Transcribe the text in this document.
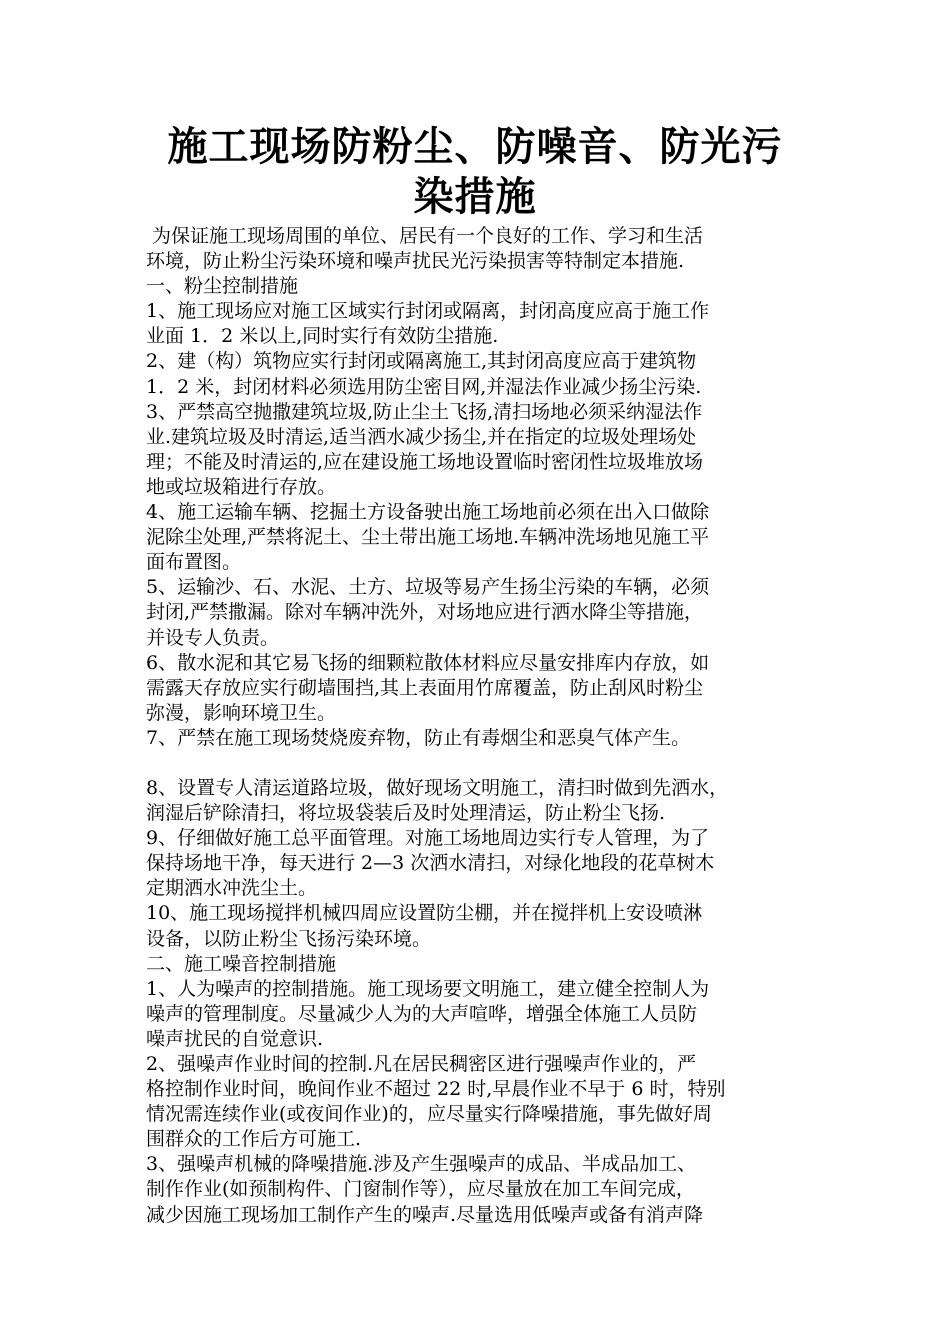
施工现场防粉尘、防噪音、防光污
染措施
为保证施工现场周围的单位、居民有一个良好的工作、学习和生活
环境，防止粉尘污染环境和噪声扰民光污染损害等特制定本措施.
一、粉尘控制措施
1、施工现场应对施工区域实行封闭或隔离，封闭高度应高于施工作
业面 1．2 米以上,同时实行有效防尘措施.
2、建（构）筑物应实行封闭或隔离施工,其封闭高度应高于建筑物
1．2 米，封闭材料必须选用防尘密目网,并湿法作业减少扬尘污染.
3、严禁高空抛撒建筑垃圾,防止尘土飞扬,清扫场地必须采纳湿法作
业.建筑垃圾及时清运,适当洒水减少扬尘,并在指定的垃圾处理场处
理；不能及时清运的,应在建设施工场地设置临时密闭性垃圾堆放场
地或垃圾箱进行存放。
4、施工运输车辆、挖掘土方设备驶出施工场地前必须在出入口做除
泥除尘处理,严禁将泥土、尘土带出施工场地.车辆冲洗场地见施工平
面布置图。
5、运输沙、石、水泥、土方、垃圾等易产生扬尘污染的车辆，必须
封闭,严禁撒漏。除对车辆冲洗外，对场地应进行洒水降尘等措施，
并设专人负责。
6、散水泥和其它易飞扬的细颗粒散体材料应尽量安排库内存放，如
需露天存放应实行砌墙围挡,其上表面用竹席覆盖，防止刮风时粉尘
弥漫，影响环境卫生。
7、严禁在施工现场焚烧废弃物，防止有毒烟尘和恶臭气体产生。
8、设置专人清运道路垃圾，做好现场文明施工，清扫时做到先洒水，
润湿后铲除清扫，将垃圾袋装后及时处理清运，防止粉尘飞扬.
9、仔细做好施工总平面管理。对施工场地周边实行专人管理，为了
保持场地干净，每天进行 2—3 次洒水清扫，对绿化地段的花草树木
定期洒水冲洗尘土。
10、施工现场搅拌机械四周应设置防尘棚，并在搅拌机上安设喷淋
设备，以防止粉尘飞扬污染环境。
二、施工噪音控制措施
1、人为噪声的控制措施。施工现场要文明施工，建立健全控制人为
噪声的管理制度。尽量减少人为的大声喧哗，增强全体施工人员防
噪声扰民的自觉意识.
2、强噪声作业时间的控制.凡在居民稠密区进行强噪声作业的，严
格控制作业时间，晚间作业不超过 22 时,早晨作业不早于 6 时，特别
情况需连续作业(或夜间作业)的，应尽量实行降噪措施，事先做好周
围群众的工作后方可施工.
3、强噪声机械的降噪措施.涉及产生强噪声的成品、半成品加工、
制作作业(如预制构件、门窗制作等），应尽量放在加工车间完成，
减少因施工现场加工制作产生的噪声.尽量选用低噪声或备有消声降
